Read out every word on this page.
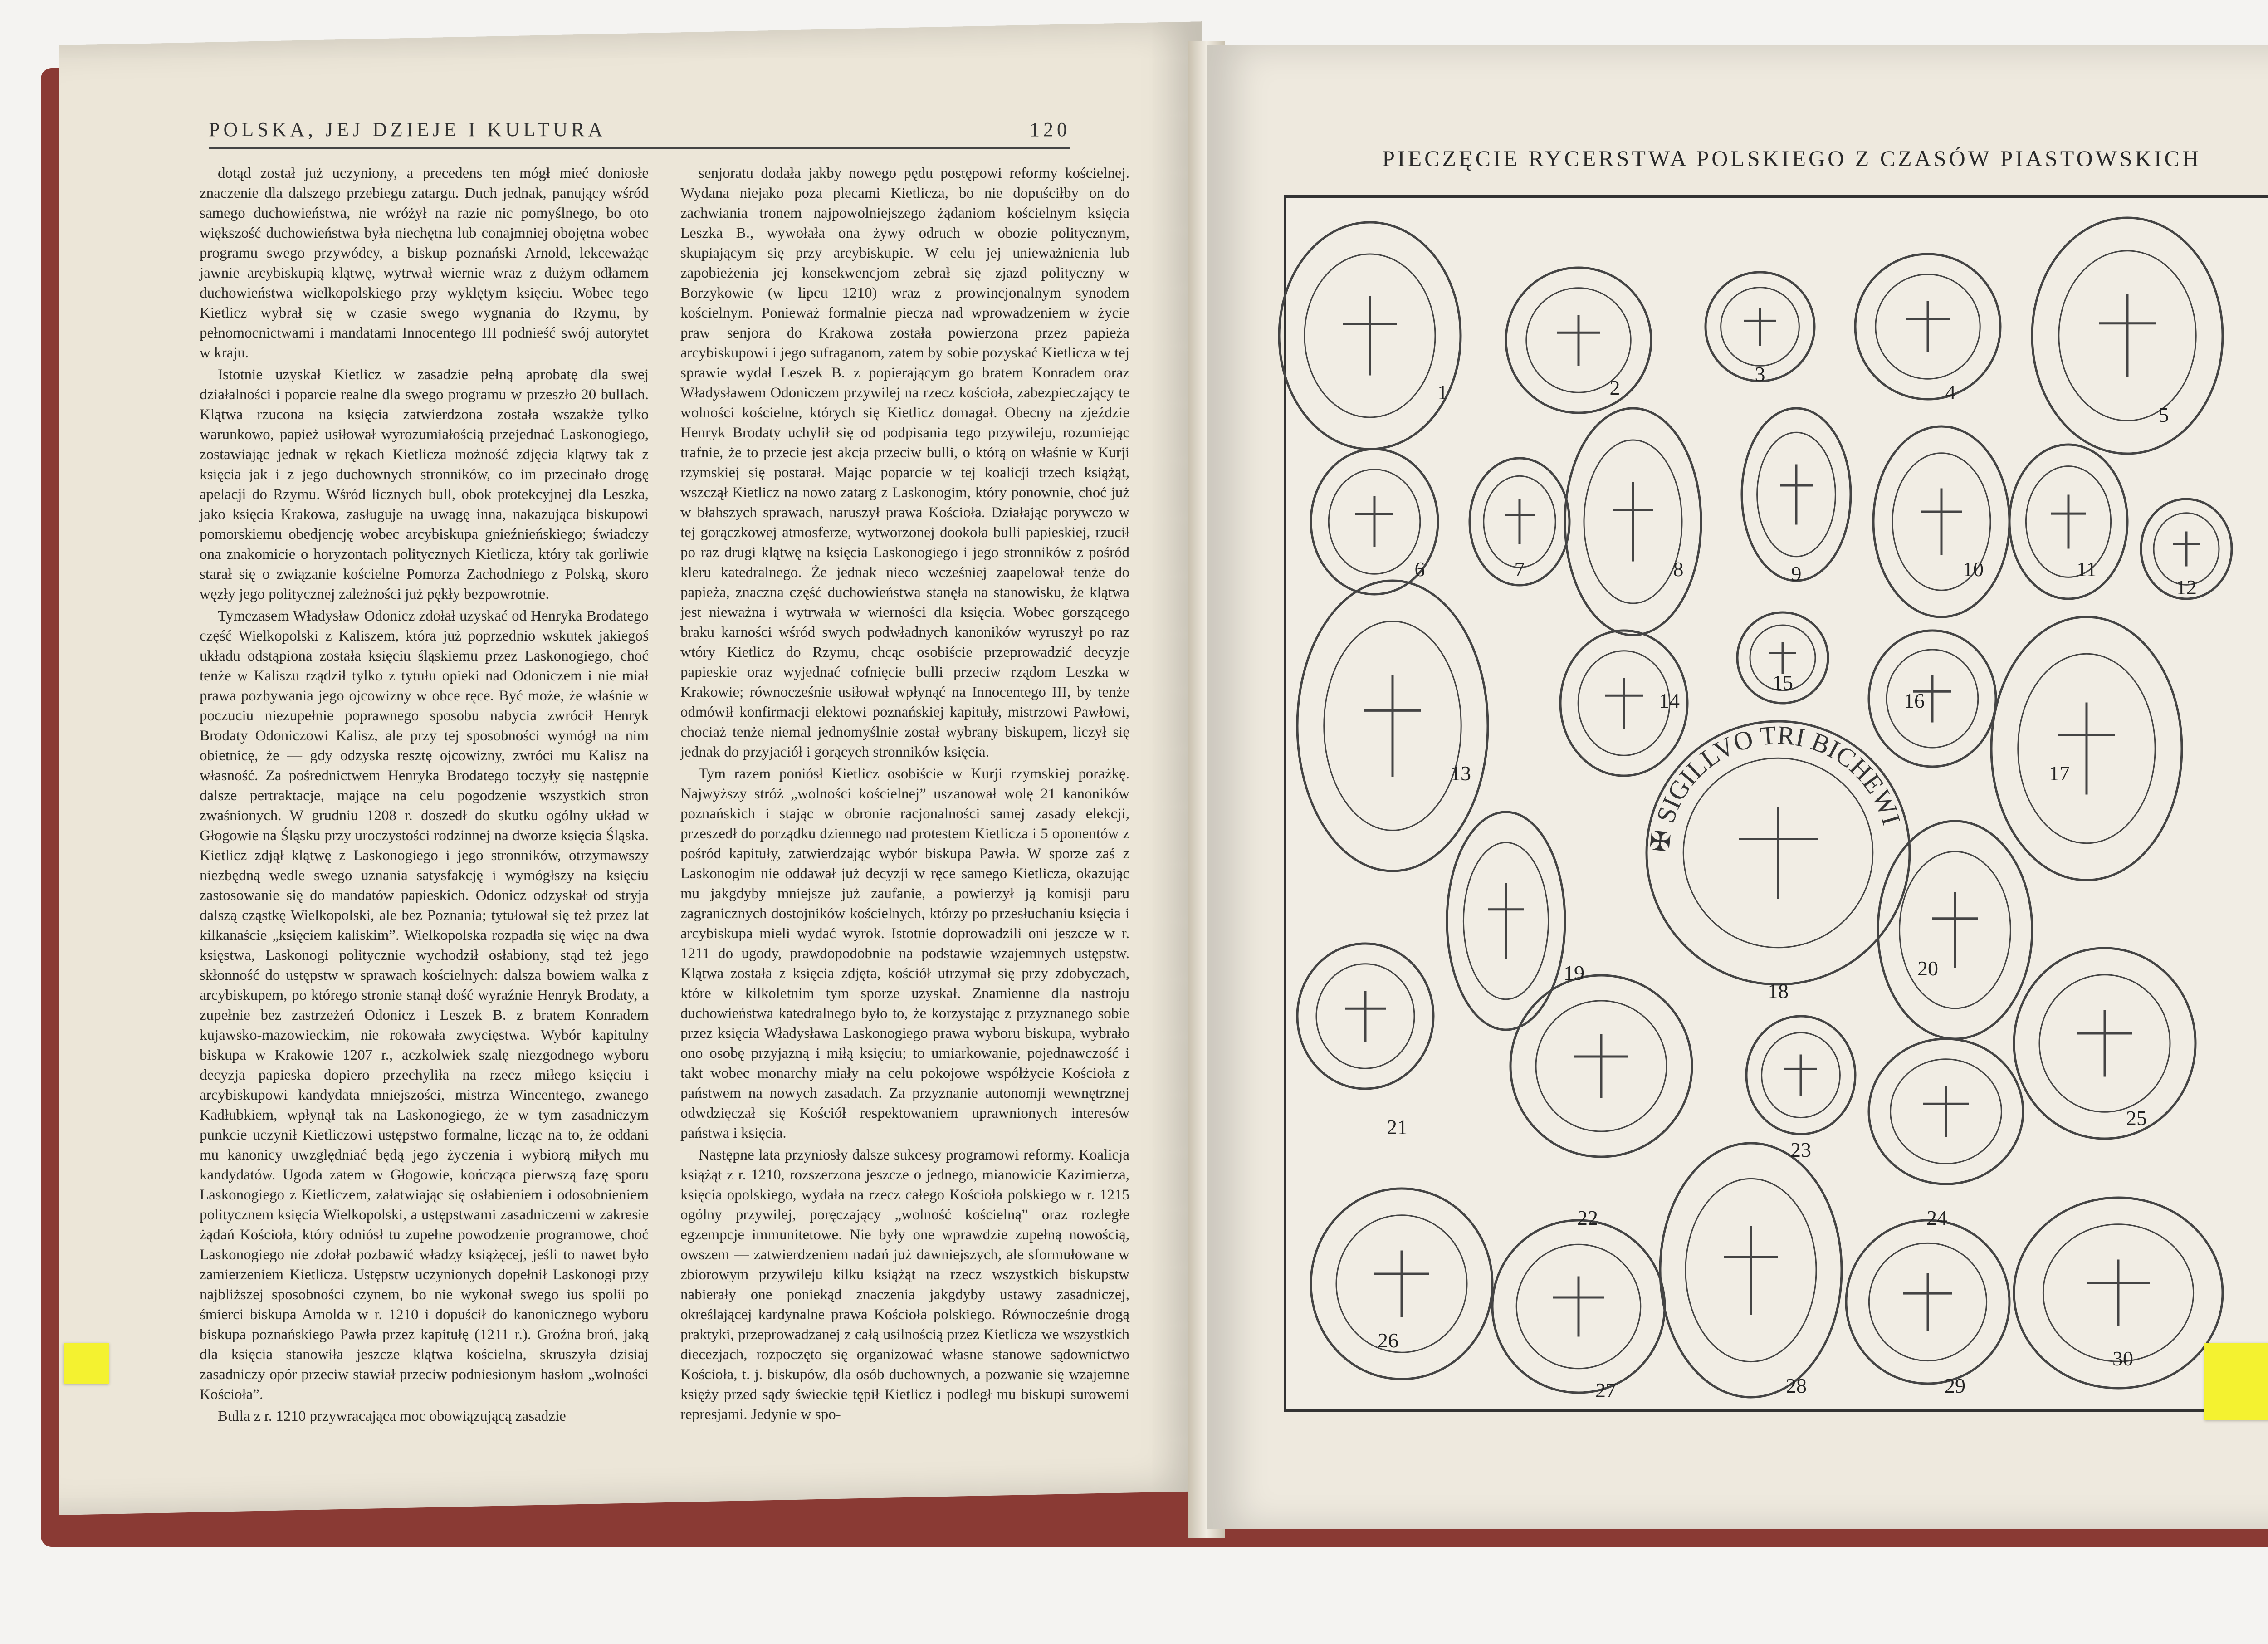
POLSKA, JEJ DZIEJE I KULTURA	120

dotąd został już uczyniony, a precedens ten mógł mieć doniosłe znaczenie dla dalszego przebiegu zatargu. Duch jednak, panujący wśród samego duchowieństwa, nie wróżył na razie nic pomyślnego, bo oto większość duchowieństwa była niechętna lub conajmniej obojętna wobec programu swego przywódcy, a biskup poznański Arnold, lekceważąc jawnie arcybiskupią klątwę, wytrwał wiernie wraz z dużym odłamem duchowieństwa wielkopolskiego przy wyklętym księciu. Wobec tego Kietlicz wybrał się w czasie swego wygnania do Rzymu, by pełnomocnictwami i mandatami Innocentego III podnieść swój autorytet w kraju.

Istotnie uzyskał Kietlicz w zasadzie pełną aprobatę dla swej działalności i poparcie realne dla swego programu w przeszło 20 bullach. Klątwa rzucona na księcia zatwierdzona została wszakże tylko warunkowo, papież usiłował wyrozumiałością przejednać Laskonogiego, zostawiając jednak w rękach Kietlicza możność zdjęcia klątwy tak z księcia jak i z jego duchownych stronników, co im przecinało drogę apelacji do Rzymu. Wśród licznych bull, obok protekcyjnej dla Leszka, jako księcia Krakowa, zasługuje na uwagę inna, nakazująca biskupowi pomorskiemu obedjencję wobec arcybiskupa gnieźnieńskiego; świadczy ona znakomicie o horyzontach politycznych Kietlicza, który tak gorliwie starał się o związanie kościelne Pomorza Zachodniego z Polską, skoro węzły jego politycznej zależności już pękły bezpowrotnie.

Tymczasem Władysław Odonicz zdołał uzyskać od Henryka Brodatego część Wielkopolski z Kaliszem, która już poprzednio wskutek jakiegoś układu odstąpiona została księciu śląskiemu przez Laskonogiego, choć tenże w Kaliszu rządził tylko z tytułu opieki nad Odoniczem i nie miał prawa pozbywania jego ojcowizny w obce ręce. Być może, że właśnie w poczuciu niezupełnie poprawnego sposobu nabycia zwrócił Henryk Brodaty Odoniczowi Kalisz, ale przy tej sposobności wymógł na nim obietnicę, że — gdy odzyska resztę ojcowizny, zwróci mu Kalisz na własność. Za pośrednictwem Henryka Brodatego toczyły się następnie dalsze pertraktacje, mające na celu pogodzenie wszystkich stron zwaśnionych. W grudniu 1208 r. doszedł do skutku ogólny układ w Głogowie na Śląsku przy uroczystości rodzinnej na dworze księcia Śląska. Kietlicz zdjął klątwę z Laskonogiego i jego stronników, otrzymawszy niezbędną wedle swego uznania satysfakcję i wymógłszy na księciu zastosowanie się do mandatów papieskich. Odonicz odzyskał od stryja dalszą cząstkę Wielkopolski, ale bez Poznania; tytułował się też przez lat kilkanaście „księciem kaliskim”. Wielkopolska rozpadła się więc na dwa księstwa, Laskonogi politycznie wychodził osłabiony, stąd też jego skłonność do ustępstw w sprawach kościelnych: dalsza bowiem walka z arcybiskupem, po którego stronie stanął dość wyraźnie Henryk Brodaty, a zupełnie bez zastrzeżeń Odonicz i Leszek B. z bratem Konradem kujawsko-mazowieckim, nie rokowała zwycięstwa. Wybór kapitulny biskupa w Krakowie 1207 r., aczkolwiek szalę niezgodnego wyboru decyzja papieska dopiero przechyliła na rzecz miłego księciu i arcybiskupowi kandydata mniejszości, mistrza Wincentego, zwanego Kadłubkiem, wpłynął tak na Laskonogiego, że w tym zasadniczym punkcie uczynił Kietliczowi ustępstwo formalne, licząc na to, że oddani mu kanonicy uwzględniać będą jego życzenia i wybiorą miłych mu kandydatów. Ugoda zatem w Głogowie, kończąca pierwszą fazę sporu Laskonogiego z Kietliczem, załatwiając się osłabieniem i odosobnieniem politycznem księcia Wielkopolski, a ustępstwami zasadniczemi w zakresie żądań Kościoła, który odniósł tu zupełne powodzenie programowe, choć Laskonogiego nie zdołał pozbawić władzy książęcej, jeśli to nawet było zamierzeniem Kietlicza. Ustępstw uczynionych dopełnił Laskonogi przy najbliższej sposobności czynem, bo nie wykonał swego ius spolii po śmierci biskupa Arnolda w r. 1210 i dopuścił do kanonicznego wyboru biskupa poznańskiego Pawła przez kapitułę (1211 r.). Groźna broń, jaką dla księcia stanowiła jeszcze klątwa kościelna, skruszyła dzisiaj zasadniczy opór przeciw stawiał przeciw podniesionym hasłom „wolności Kościoła”.

Bulla z r. 1210 przywracająca moc obowiązującą zasadzie

senjoratu dodała jakby nowego pędu postępowi reformy kościelnej. Wydana niejako poza plecami Kietlicza, bo nie dopuściłby on do zachwiania tronem najpowolniejszego żądaniom kościelnym księcia Leszka B., wywołała ona żywy odruch w obozie politycznym, skupiającym się przy arcybiskupie. W celu jej unieważnienia lub zapobieżenia jej konsekwencjom zebrał się zjazd polityczny w Borzykowie (w lipcu 1210) wraz z prowincjonalnym synodem kościelnym. Ponieważ formalnie piecza nad wprowadzeniem w życie praw senjora do Krakowa została powierzona przez papieża arcybiskupowi i jego sufraganom, zatem by sobie pozyskać Kietlicza w tej sprawie wydał Leszek B. z popierającym go bratem Konradem oraz Władysławem Odoniczem przywilej na rzecz kościoła, zabezpieczający te wolności kościelne, których się Kietlicz domagał. Obecny na zjeździe Henryk Brodaty uchylił się od podpisania tego przywileju, rozumiejąc trafnie, że to przecie jest akcja przeciw bulli, o którą on właśnie w Kurji rzymskiej się postarał. Mając poparcie w tej koalicji trzech książąt, wszczął Kietlicz na nowo zatarg z Laskonogim, który ponownie, choć już w błahszych sprawach, naruszył prawa Kościoła. Działając porywczo w tej gorączkowej atmosferze, wytworzonej dookoła bulli papieskiej, rzucił po raz drugi klątwę na księcia Laskonogiego i jego stronników z pośród kleru katedralnego. Że jednak nieco wcześniej zaapelował tenże do papieża, znaczna część duchowieństwa stanęła na stanowisku, że klątwa jest nieważna i wytrwała w wierności dla księcia. Wobec gorszącego braku karności wśród swych podwładnych kanoników wyruszył po raz wtóry Kietlicz do Rzymu, chcąc osobiście przeprowadzić decyzje papieskie oraz wyjednać cofnięcie bulli przeciw rządom Leszka w Krakowie; równocześnie usiłował wpłynąć na Innocentego III, by tenże odmówił konfirmacji elektowi poznańskiej kapituły, mistrzowi Pawłowi, chociaż tenże niemal jednomyślnie został wybrany biskupem, liczył się jednak do przyjaciół i gorących stronników księcia.

Tym razem poniósł Kietlicz osobiście w Kurji rzymskiej porażkę. Najwyższy stróż „wolności kościelnej” uszanował wolę 21 kanoników poznańskich i stając w obronie racjonalności samej zasady elekcji, przeszedł do porządku dziennego nad protestem Kietlicza i 5 oponentów z pośród kapituły, zatwierdzając wybór biskupa Pawła. W sporze zaś z Laskonogim nie oddawał już decyzji w ręce samego Kietlicza, okazując mu jakgdyby mniejsze już zaufanie, a powierzył ją komisji paru zagranicznych dostojników kościelnych, którzy po przesłuchaniu księcia i arcybiskupa mieli wydać wyrok. Istotnie doprowadzili oni jeszcze w r. 1211 do ugody, prawdopodobnie na podstawie wzajemnych ustępstw. Klątwa została z księcia zdjęta, kościół utrzymał się przy zdobyczach, które w kilkoletnim tym sporze uzyskał. Znamienne dla nastroju duchowieństwa katedralnego było to, że korzystając z przyznanego sobie przez księcia Władysława Laskonogiego prawa wyboru biskupa, wybrało ono osobę przyjazną i miłą księciu; to umiarkowanie, pojednawczość i takt wobec monarchy miały na celu pokojowe współżycie Kościoła z państwem na nowych zasadach. Za przyznanie autonomji wewnętrznej odwdzięczał się Kościół respektowaniem uprawnionych interesów państwa i księcia.

Następne lata przyniosły dalsze sukcesy programowi reformy. Koalicja książąt z r. 1210, rozszerzona jeszcze o jednego, mianowicie Kazimierza, księcia opolskiego, wydała na rzecz całego Kościoła polskiego w r. 1215 ogólny przywilej, poręczający „wolność kościelną” oraz rozległe egzempcje immunitetowe. Nie były one wprawdzie zupełną nowością, owszem — zatwierdzeniem nadań już dawniejszych, ale sformułowane w zbiorowym przywileju kilku książąt na rzecz wszystkich biskupstw nabierały one poniekąd znaczenia jakgdyby ustawy zasadniczej, określającej kardynalne prawa Kościoła polskiego. Równocześnie drogą praktyki, przeprowadzanej z całą usilnością przez Kietlicza we wszystkich diecezjach, rozpoczęto się organizować własne stanowe sądownictwo Kościoła, t. j. biskupów, dla osób duchownych, a pozwanie się wzajemne księży przed sądy świeckie tępił Kietlicz i podległ mu biskupi surowemi represjami. Jedynie w spo-

PIECZĘCIE RYCERSTWA POLSKIEGO Z CZASÓW PIASTOWSKICH
1	2
3
4
5
6	7	8	9	10	11
12
13
14
15
16
17
18
19	20
21
22
23
24
25
26
27	28	29
30
✠ SIGILLVO TRI BICHEWI
